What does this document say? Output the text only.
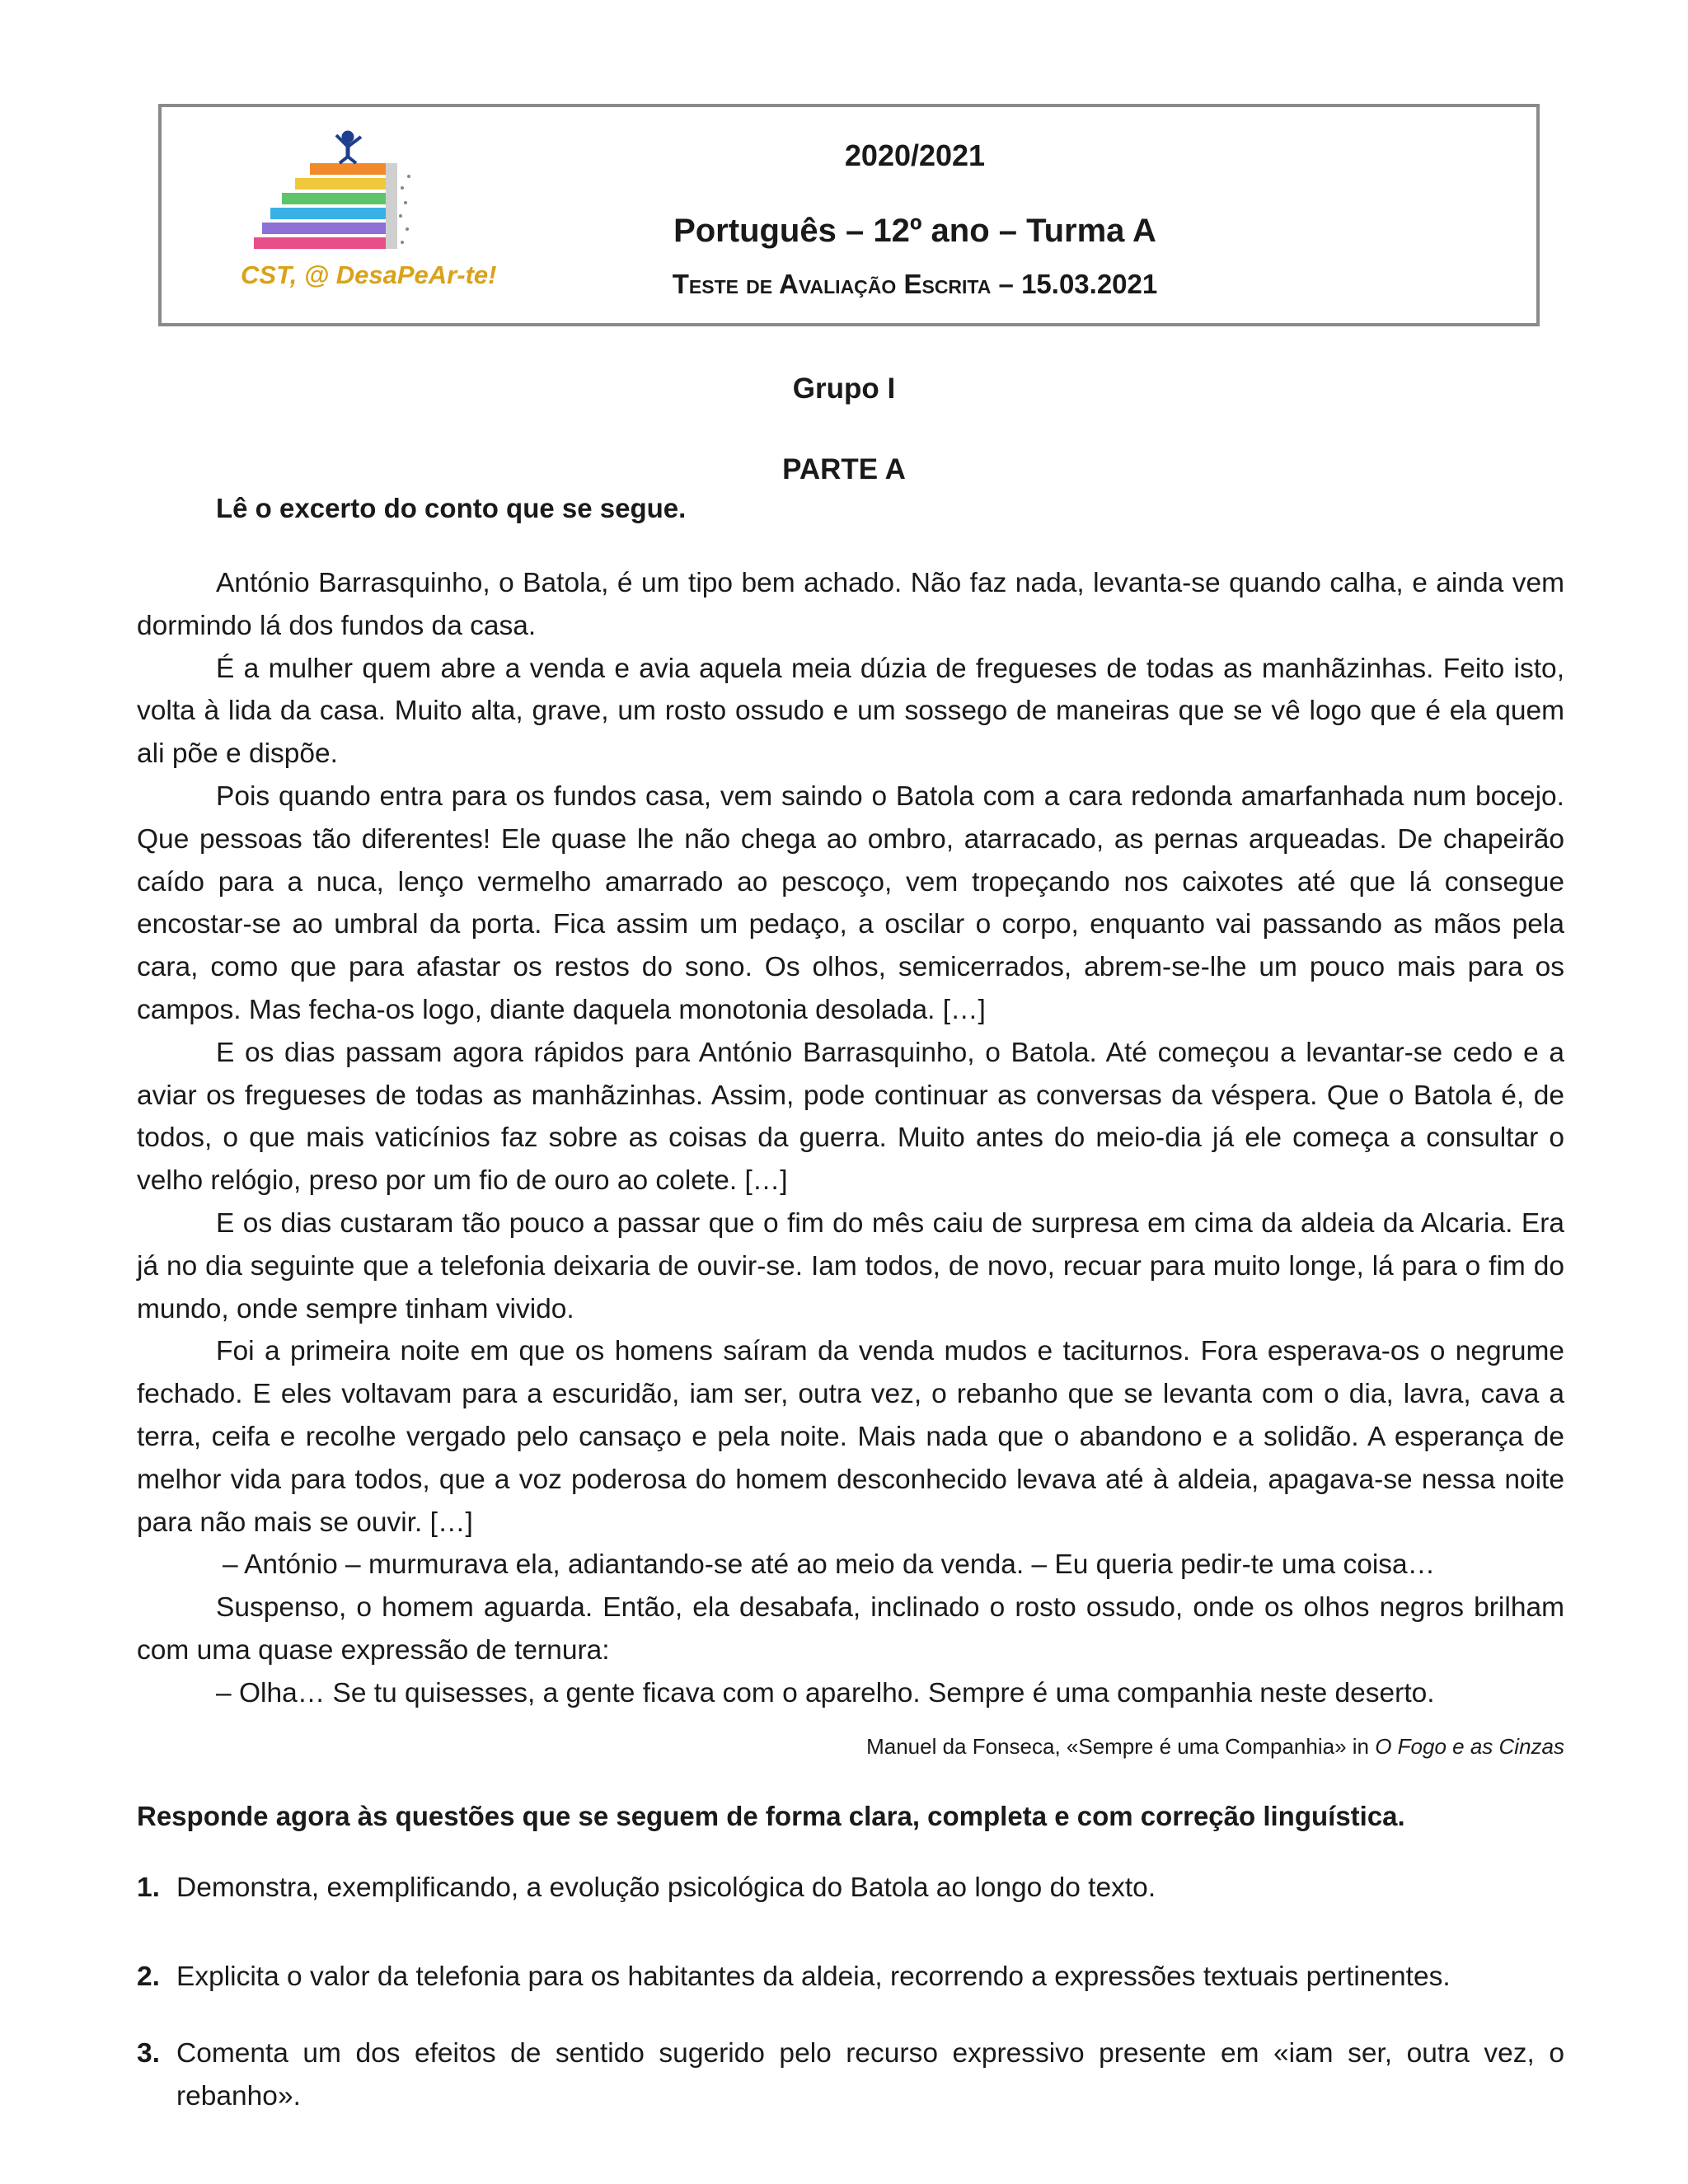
CST, @ DesaPeAr-te!
2020/2021
Português – 12º ano – Turma A
Teste de Avaliação Escrita – 15.03.2021
Grupo I
PARTE A
Lê o excerto do conto que se segue.

António Barrasquinho, o Batola, é um tipo bem achado. Não faz nada, levanta-se quando calha, e ainda vem dormindo lá dos fundos da casa.

É a mulher quem abre a venda e avia aquela meia dúzia de fregueses de todas as manhãzinhas. Feito isto, volta à lida da casa. Muito alta, grave, um rosto ossudo e um sossego de maneiras que se vê logo que é ela quem ali põe e dispõe.

Pois quando entra para os fundos casa, vem saindo o Batola com a cara redonda amarfanhada num bocejo. Que pessoas tão diferentes! Ele quase lhe não chega ao ombro, atarracado, as pernas arqueadas. De chapeirão caído para a nuca, lenço vermelho amarrado ao pescoço, vem tropeçando nos caixotes até que lá consegue encostar-se ao umbral da porta. Fica assim um pedaço, a oscilar o corpo, enquanto vai passando as mãos pela cara, como que para afastar os restos do sono. Os olhos, semicerrados, abrem-se-lhe um pouco mais para os campos. Mas fecha-os logo, diante daquela monotonia desolada. […]

E os dias passam agora rápidos para António Barrasquinho, o Batola. Até começou a levantar-se cedo e a aviar os fregueses de todas as manhãzinhas. Assim, pode continuar as conversas da véspera. Que o Batola é, de todos, o que mais vaticínios faz sobre as coisas da guerra. Muito antes do meio-dia já ele começa a consultar o velho relógio, preso por um fio de ouro ao colete. […]

E os dias custaram tão pouco a passar que o fim do mês caiu de surpresa em cima da aldeia da Alcaria. Era já no dia seguinte que a telefonia deixaria de ouvir-se. Iam todos, de novo, recuar para muito longe, lá para o fim do mundo, onde sempre tinham vivido.

Foi a primeira noite em que os homens saíram da venda mudos e taciturnos. Fora esperava-os o negrume fechado. E eles voltavam para a escuridão, iam ser, outra vez, o rebanho que se levanta com o dia, lavra, cava a terra, ceifa e recolhe vergado pelo cansaço e pela noite. Mais nada que o abandono e a solidão. A esperança de melhor vida para todos, que a voz poderosa do homem desconhecido levava até à aldeia, apagava-se nessa noite para não mais se ouvir. […]

– António – murmurava ela, adiantando-se até ao meio da venda. – Eu queria pedir-te uma coisa…

Suspenso, o homem aguarda. Então, ela desabafa, inclinado o rosto ossudo, onde os olhos negros brilham com uma quase expressão de ternura:

– Olha… Se tu quisesses, a gente ficava com o aparelho. Sempre é uma companhia neste deserto.

Manuel da Fonseca, «Sempre é uma Companhia» in O Fogo e as Cinzas
Responde agora às questões que se seguem de forma clara, completa e com correção linguística.
1. Demonstra, exemplificando, a evolução psicológica do Batola ao longo do texto.
2. Explicita o valor da telefonia para os habitantes da aldeia, recorrendo a expressões textuais pertinentes.
3. Comenta um dos efeitos de sentido sugerido pelo recurso expressivo presente em «iam ser, outra vez, o rebanho».
